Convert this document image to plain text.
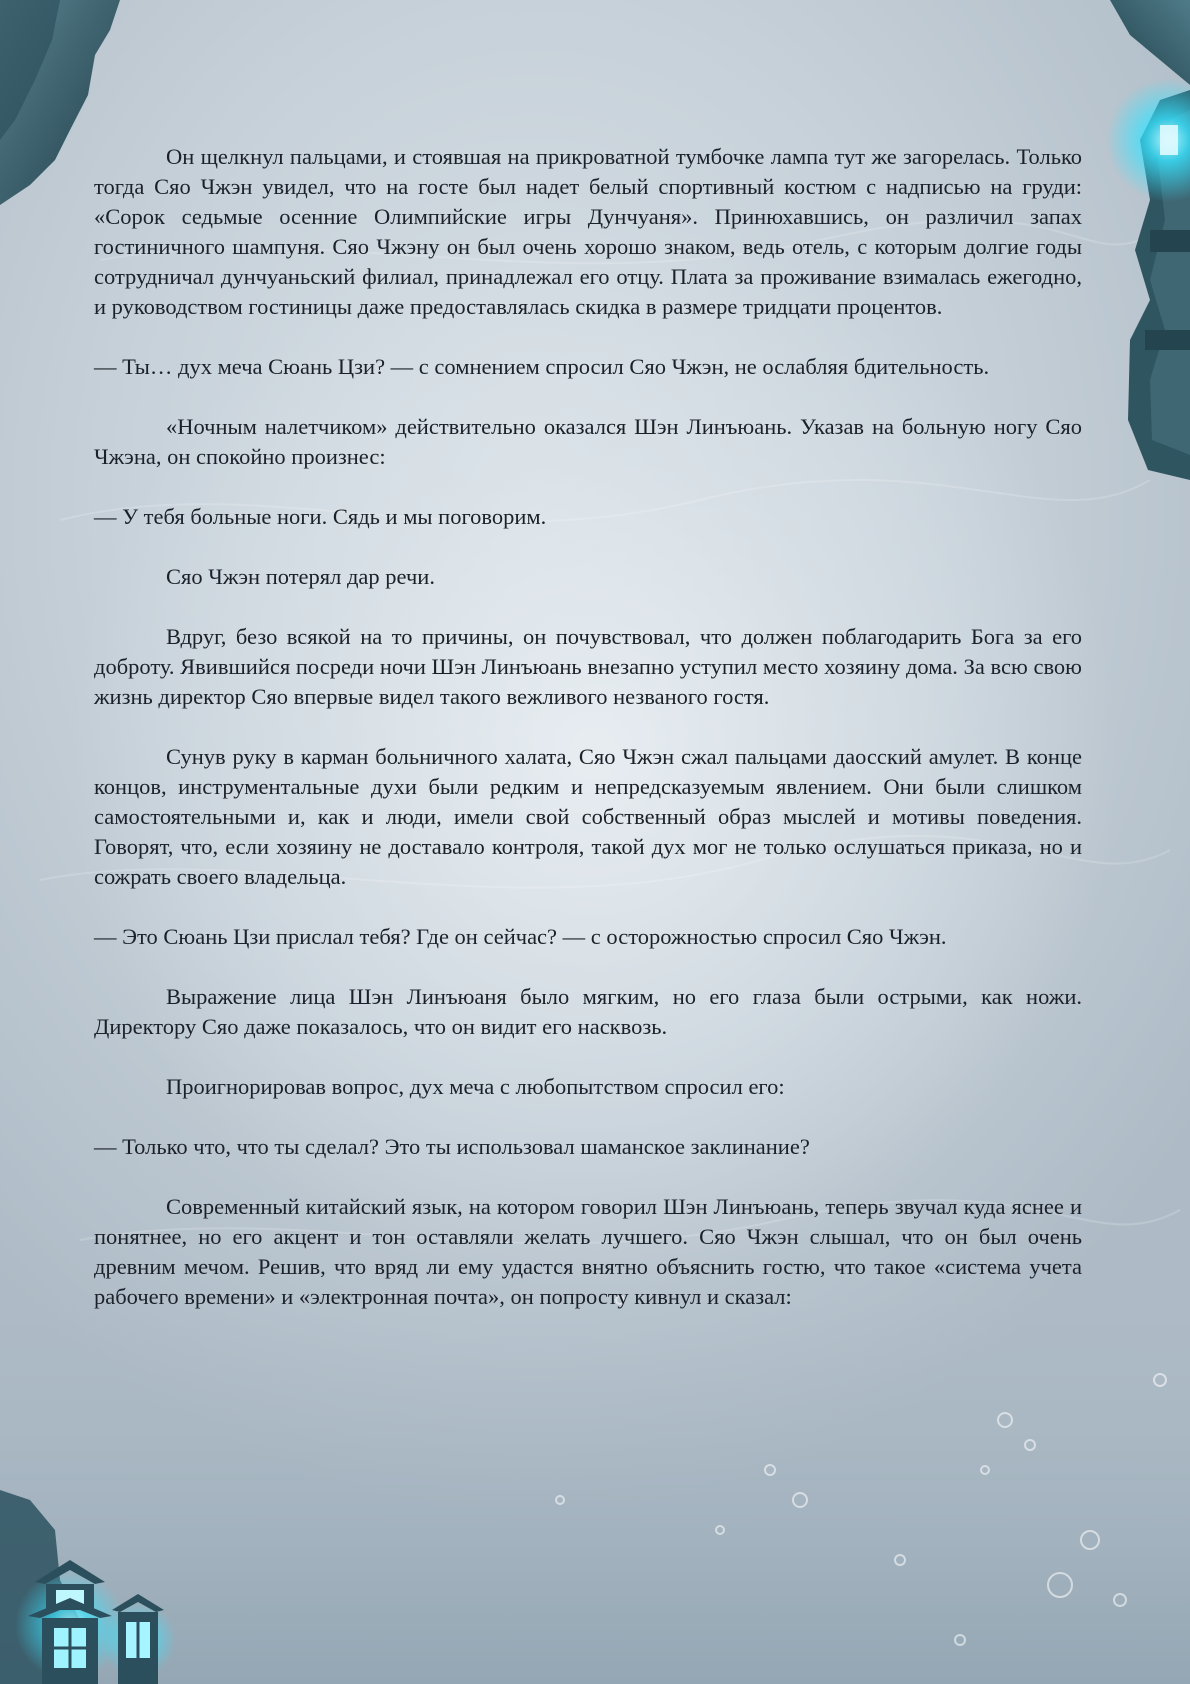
Он щелкнул пальцами, и стоявшая на прикроватной тумбочке лампа тут же загорелась. Только тогда Сяо Чжэн увидел, что на госте был надет белый спортивный костюм с надписью на груди: «Сорок седьмые осенние Олимпийские игры Дунчуаня». Принюхавшись, он различил запах гостиничного шампуня. Сяо Чжэну он был очень хорошо знаком, ведь отель, с которым долгие годы сотрудничал дунчуаньский филиал, принадлежал его отцу. Плата за проживание взималась ежегодно, и руководством гостиницы даже предоставлялась скидка в размере тридцати процентов.

— Ты… дух меча Сюань Цзи? — с сомнением спросил Сяо Чжэн, не ослабляя бдительность.

«Ночным налетчиком» действительно оказался Шэн Линъюань. Указав на больную ногу Сяо Чжэна, он спокойно произнес:

— У тебя больные ноги. Сядь и мы поговорим.

Сяо Чжэн потерял дар речи.

Вдруг, безо всякой на то причины, он почувствовал, что должен поблагодарить Бога за его доброту. Явившийся посреди ночи Шэн Линъюань внезапно уступил место хозяину дома. За всю свою жизнь директор Сяо впервые видел такого вежливого незваного гостя.

Сунув руку в карман больничного халата, Сяо Чжэн сжал пальцами даосский амулет. В конце концов, инструментальные духи были редким и непредсказуемым явлением. Они были слишком самостоятельными и, как и люди, имели свой собственный образ мыслей и мотивы поведения. Говорят, что, если хозяину не доставало контроля, такой дух мог не только ослушаться приказа, но и сожрать своего владельца.

— Это Сюань Цзи прислал тебя? Где он сейчас? — с осторожностью спросил Сяо Чжэн.

Выражение лица Шэн Линъюаня было мягким, но его глаза были острыми, как ножи. Директору Сяо даже показалось, что он видит его насквозь.

Проигнорировав вопрос, дух меча с любопытством спросил его:

— Только что, что ты сделал? Это ты использовал шаманское заклинание?

Современный китайский язык, на котором говорил Шэн Линъюань, теперь звучал куда яснее и понятнее, но его акцент и тон оставляли желать лучшего. Сяо Чжэн слышал, что он был очень древним мечом. Решив, что вряд ли ему удастся внятно объяснить гостю, что такое «система учета рабочего времени» и «электронная почта», он попросту кивнул и сказал:
